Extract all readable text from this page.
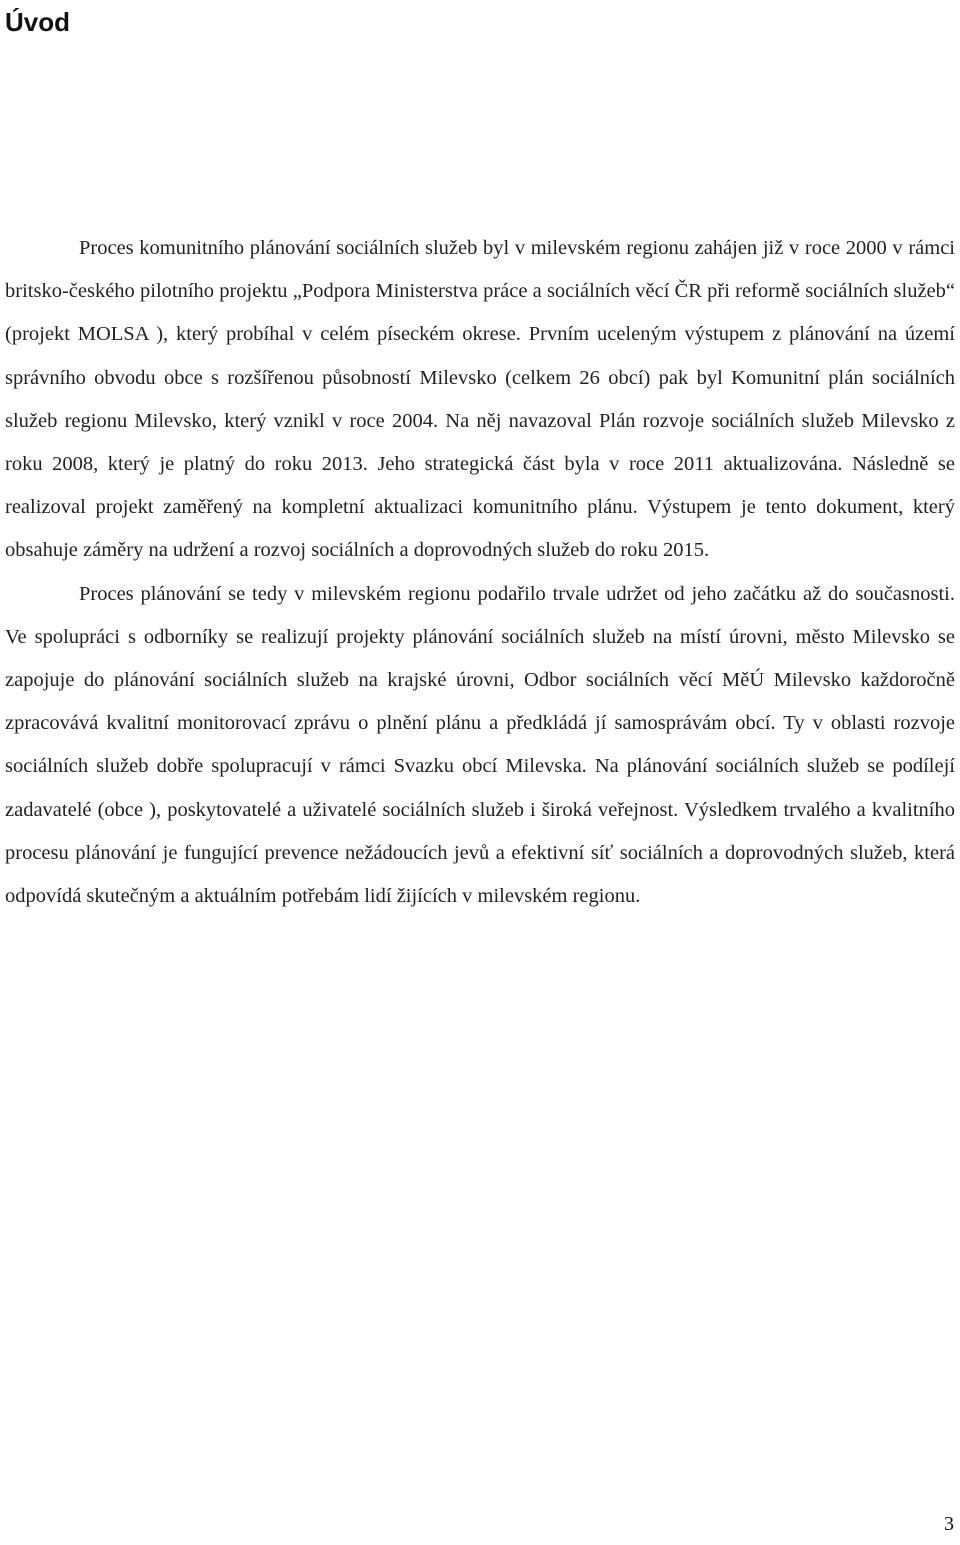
Úvod

Proces komunitního plánování sociálních služeb byl v milevském regionu zahájen již v roce 2000 v rámci britsko-českého pilotního projektu „Podpora Ministerstva práce a sociálních věcí ČR při reformě sociálních služeb“ (projekt MOLSA ), který probíhal v celém píseckém okrese. Prvním uceleným výstupem z plánování na území správního obvodu obce s rozšířenou působností Milevsko (celkem 26 obcí) pak byl Komunitní plán sociálních služeb regionu Milevsko, který vznikl v roce 2004. Na něj navazoval Plán rozvoje sociálních služeb Milevsko z roku 2008, který je platný do roku 2013. Jeho strategická část byla v roce 2011 aktualizována. Následně se realizoval projekt zaměřený na kompletní aktualizaci komunitního plánu. Výstupem je tento dokument, který obsahuje záměry na udržení a rozvoj sociálních a doprovodných služeb do roku 2015.

Proces plánování se tedy v milevském regionu podařilo trvale udržet od jeho začátku až do současnosti. Ve spolupráci s odborníky se realizují projekty plánování sociálních služeb na místí úrovni, město Milevsko se zapojuje do plánování sociálních služeb na krajské úrovni, Odbor sociálních věcí MěÚ Milevsko každoročně zpracovává kvalitní monitorovací zprávu o plnění plánu a předkládá jí samosprávám obcí. Ty v oblasti rozvoje sociálních služeb dobře spolupracují v rámci Svazku obcí Milevska. Na plánování sociálních služeb se podílejí zadavatelé (obce ), poskytovatelé a uživatelé sociálních služeb i široká veřejnost. Výsledkem trvalého a kvalitního procesu plánování je fungující prevence nežádoucích jevů a efektivní síť sociálních a doprovodných služeb, která odpovídá skutečným a aktuálním potřebám lidí žijících v milevském regionu.

3
